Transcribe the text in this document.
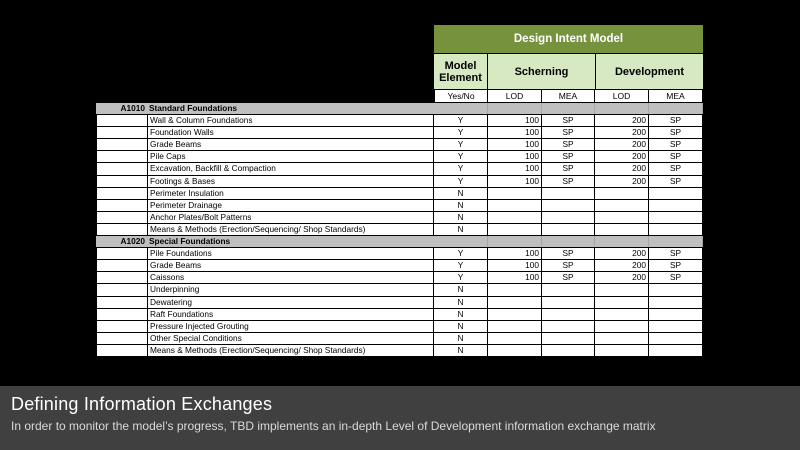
Design Intent Model
Model Element	Scherning	Development
Yes/No	LOD	MEA	LOD	MEA
A1010 Standard Foundations
Wall & Column Foundations	Y	100	SP	200	SP
Foundation Walls	Y	100	SP	200	SP
Grade Beams	Y	100	SP	200	SP
Pile Caps	Y	100	SP	200	SP
Excavation, Backfill & Compaction	Y	100	SP	200	SP
Footings & Bases	Y	100	SP	200	SP
Perimeter Insulation	N
Perimeter Drainage	N
Anchor Plates/Bolt Patterns	N
Means & Methods (Erection/Sequencing/ Shop Standards)	N
A1020 Special Foundations
Pile Foundations	Y	100	SP	200	SP
Grade Beams	Y	100	SP	200	SP
Caissons	Y	100	SP	200	SP
Underpinning	N
Dewatering	N
Raft Foundations	N
Pressure Injected Grouting	N
Other Special Conditions	N
Means & Methods (Erection/Sequencing/ Shop Standards)	N
Defining Information Exchanges
In order to monitor the model’s progress, TBD implements an in-depth Level of Development information exchange matrix
